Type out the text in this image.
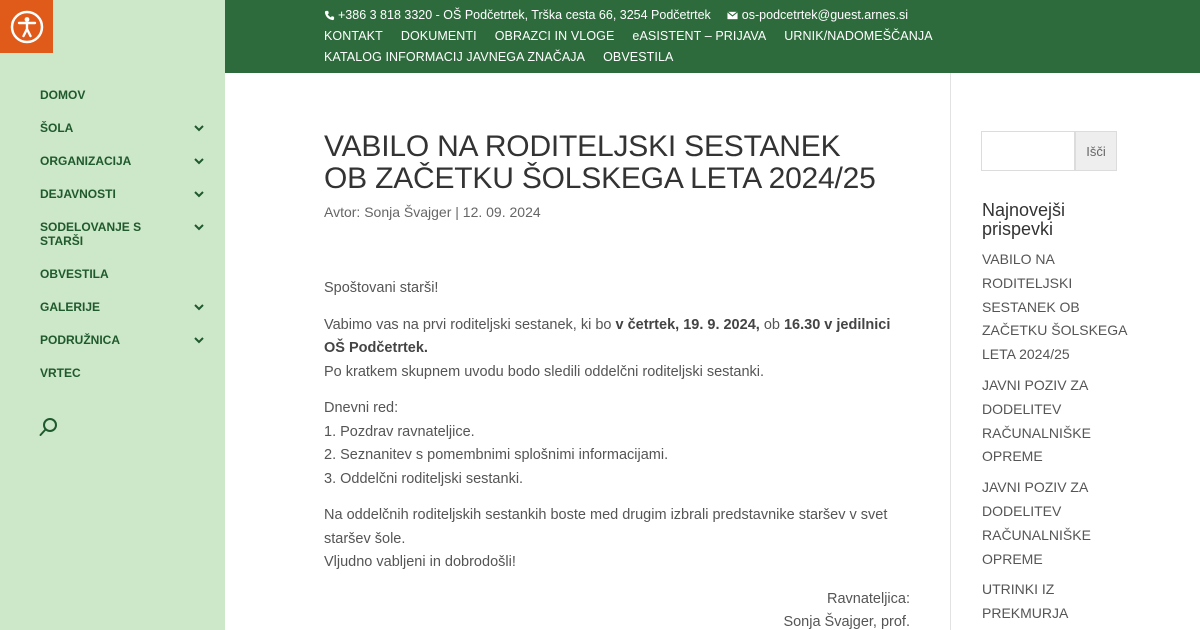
DOMOV
ŠOLA
ORGANIZACIJA
DEJAVNOSTI
SODELOVANJE S STARŠI
OBVESTILA
GALERIJE
PODRUŽNICA
VRTEC
+386 3 818 3320 - OŠ Podčetrtek, Trška cesta 66, 3254 Podčetrtek os-podcetrtek@guest.arnes.si
KONTAKT DOKUMENTI OBRAZCI IN VLOGE eASISTENT – PRIJAVA URNIK/NADOMEŠČANJA
KATALOG INFORMACIJ JAVNEGA ZNAČAJA OBVESTILA
VABILO NA RODITELJSKI SESTANEK OB ZAČETKU ŠOLSKEGA LETA 2024/25
Avtor: Sonja Švajger | 12. 09. 2024

Spoštovani starši!

Vabimo vas na prvi roditeljski sestanek, ki bo v četrtek, 19. 9. 2024, ob 16.30 v jedilnici OŠ Podčetrtek.
Po kratkem skupnem uvodu bodo sledili oddelčni roditeljski sestanki.

Dnevni red:
1. Pozdrav ravnateljice.
2. Seznanitev s pomembnimi splošnimi informacijami.
3. Oddelčni roditeljski sestanki.

Na oddelčnih roditeljskih sestankih boste med drugim izbrali predstavnike staršev v svet staršev šole.
Vljudno vabljeni in dobrodošli!

Ravnateljica:
Sonja Švajger, prof.

Išči
Najnovejši prispevki
VABILO NA RODITELJSKI SESTANEK OB ZAČETKU ŠOLSKEGA LETA 2024/25
JAVNI POZIV ZA DODELITEV RAČUNALNIŠKE OPREME
JAVNI POZIV ZA DODELITEV RAČUNALNIŠKE OPREME
UTRINKI IZ PREKMURJA
